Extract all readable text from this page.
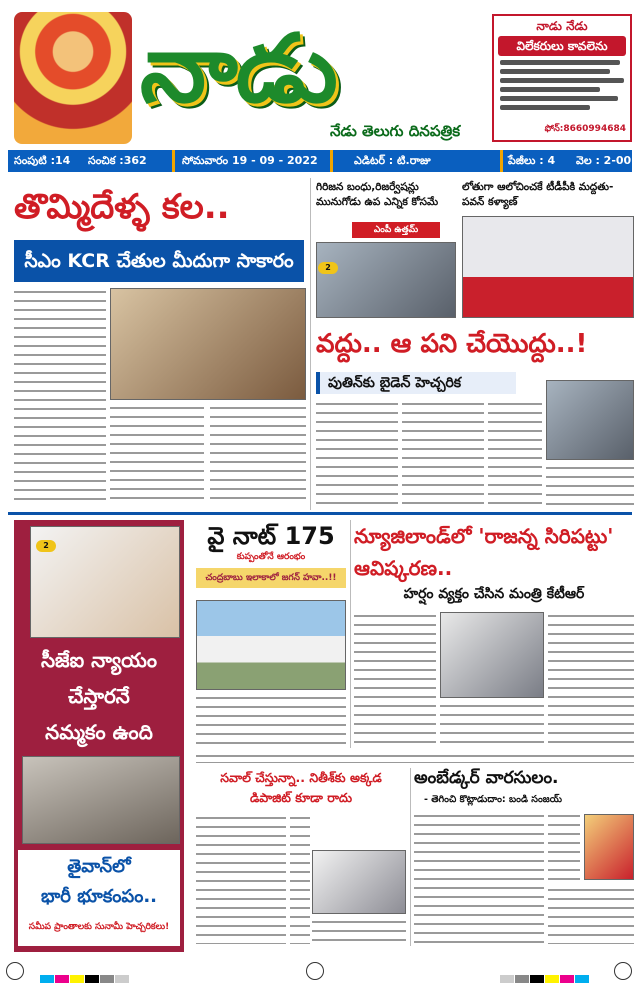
నాడు
నేడు తెలుగు దినపత్రిక
నాడు నేడు
విలేకరులు కావలెను
ఫోన్:8660994684
సంపుటి :14 సంచిక :362	సోమవారం 19 - 09 - 2022	ఎడిటర్ : టి.రాజు	పేజీలు : 4 వెల : 2-00
తొమ్మిదేళ్ళ కల..
సీఎం KCR చేతుల మీదుగా సాకారం
గిరిజన బంధు,రిజర్వేషన్లు మునుగోడు ఉప ఎన్నిక కోసమే
ఎంపీ ఉత్తమ్
2
లోతుగా ఆలోచించకే టీడీపీకి మద్దతు-పవన్ కళ్యాణ్
వద్దు.. ఆ పని చేయొద్దు..!
పుతిన్‌కు బైడెన్ హెచ్చరిక
2
సీజేఐ న్యాయం
చేస్తారనే
నమ్మకం ఉంది
తైవాన్‌లో
భారీ భూకంపం..
సమీప ప్రాంతాలకు సునామీ హెచ్చరికలు!
వై నాట్ 175
కుప్పంతోనే ఆరంభం
చంద్రబాబు ఇలాకాలో జగన్ హవా..!!
న్యూజిలాండ్‌లో 'రాజన్న సిరిపట్టు' ఆవిష్కరణ..
హర్షం వ్యక్తం చేసిన మంత్రి కేటీఆర్
సవాల్ చేస్తున్నా.. నితీశ్‌కు అక్కడ
డిపాజిట్ కూడా రాదు
అంబేడ్కర్ వారసులం.
- తెగించి కొట్లాడుదాం: బండి సంజయ్
